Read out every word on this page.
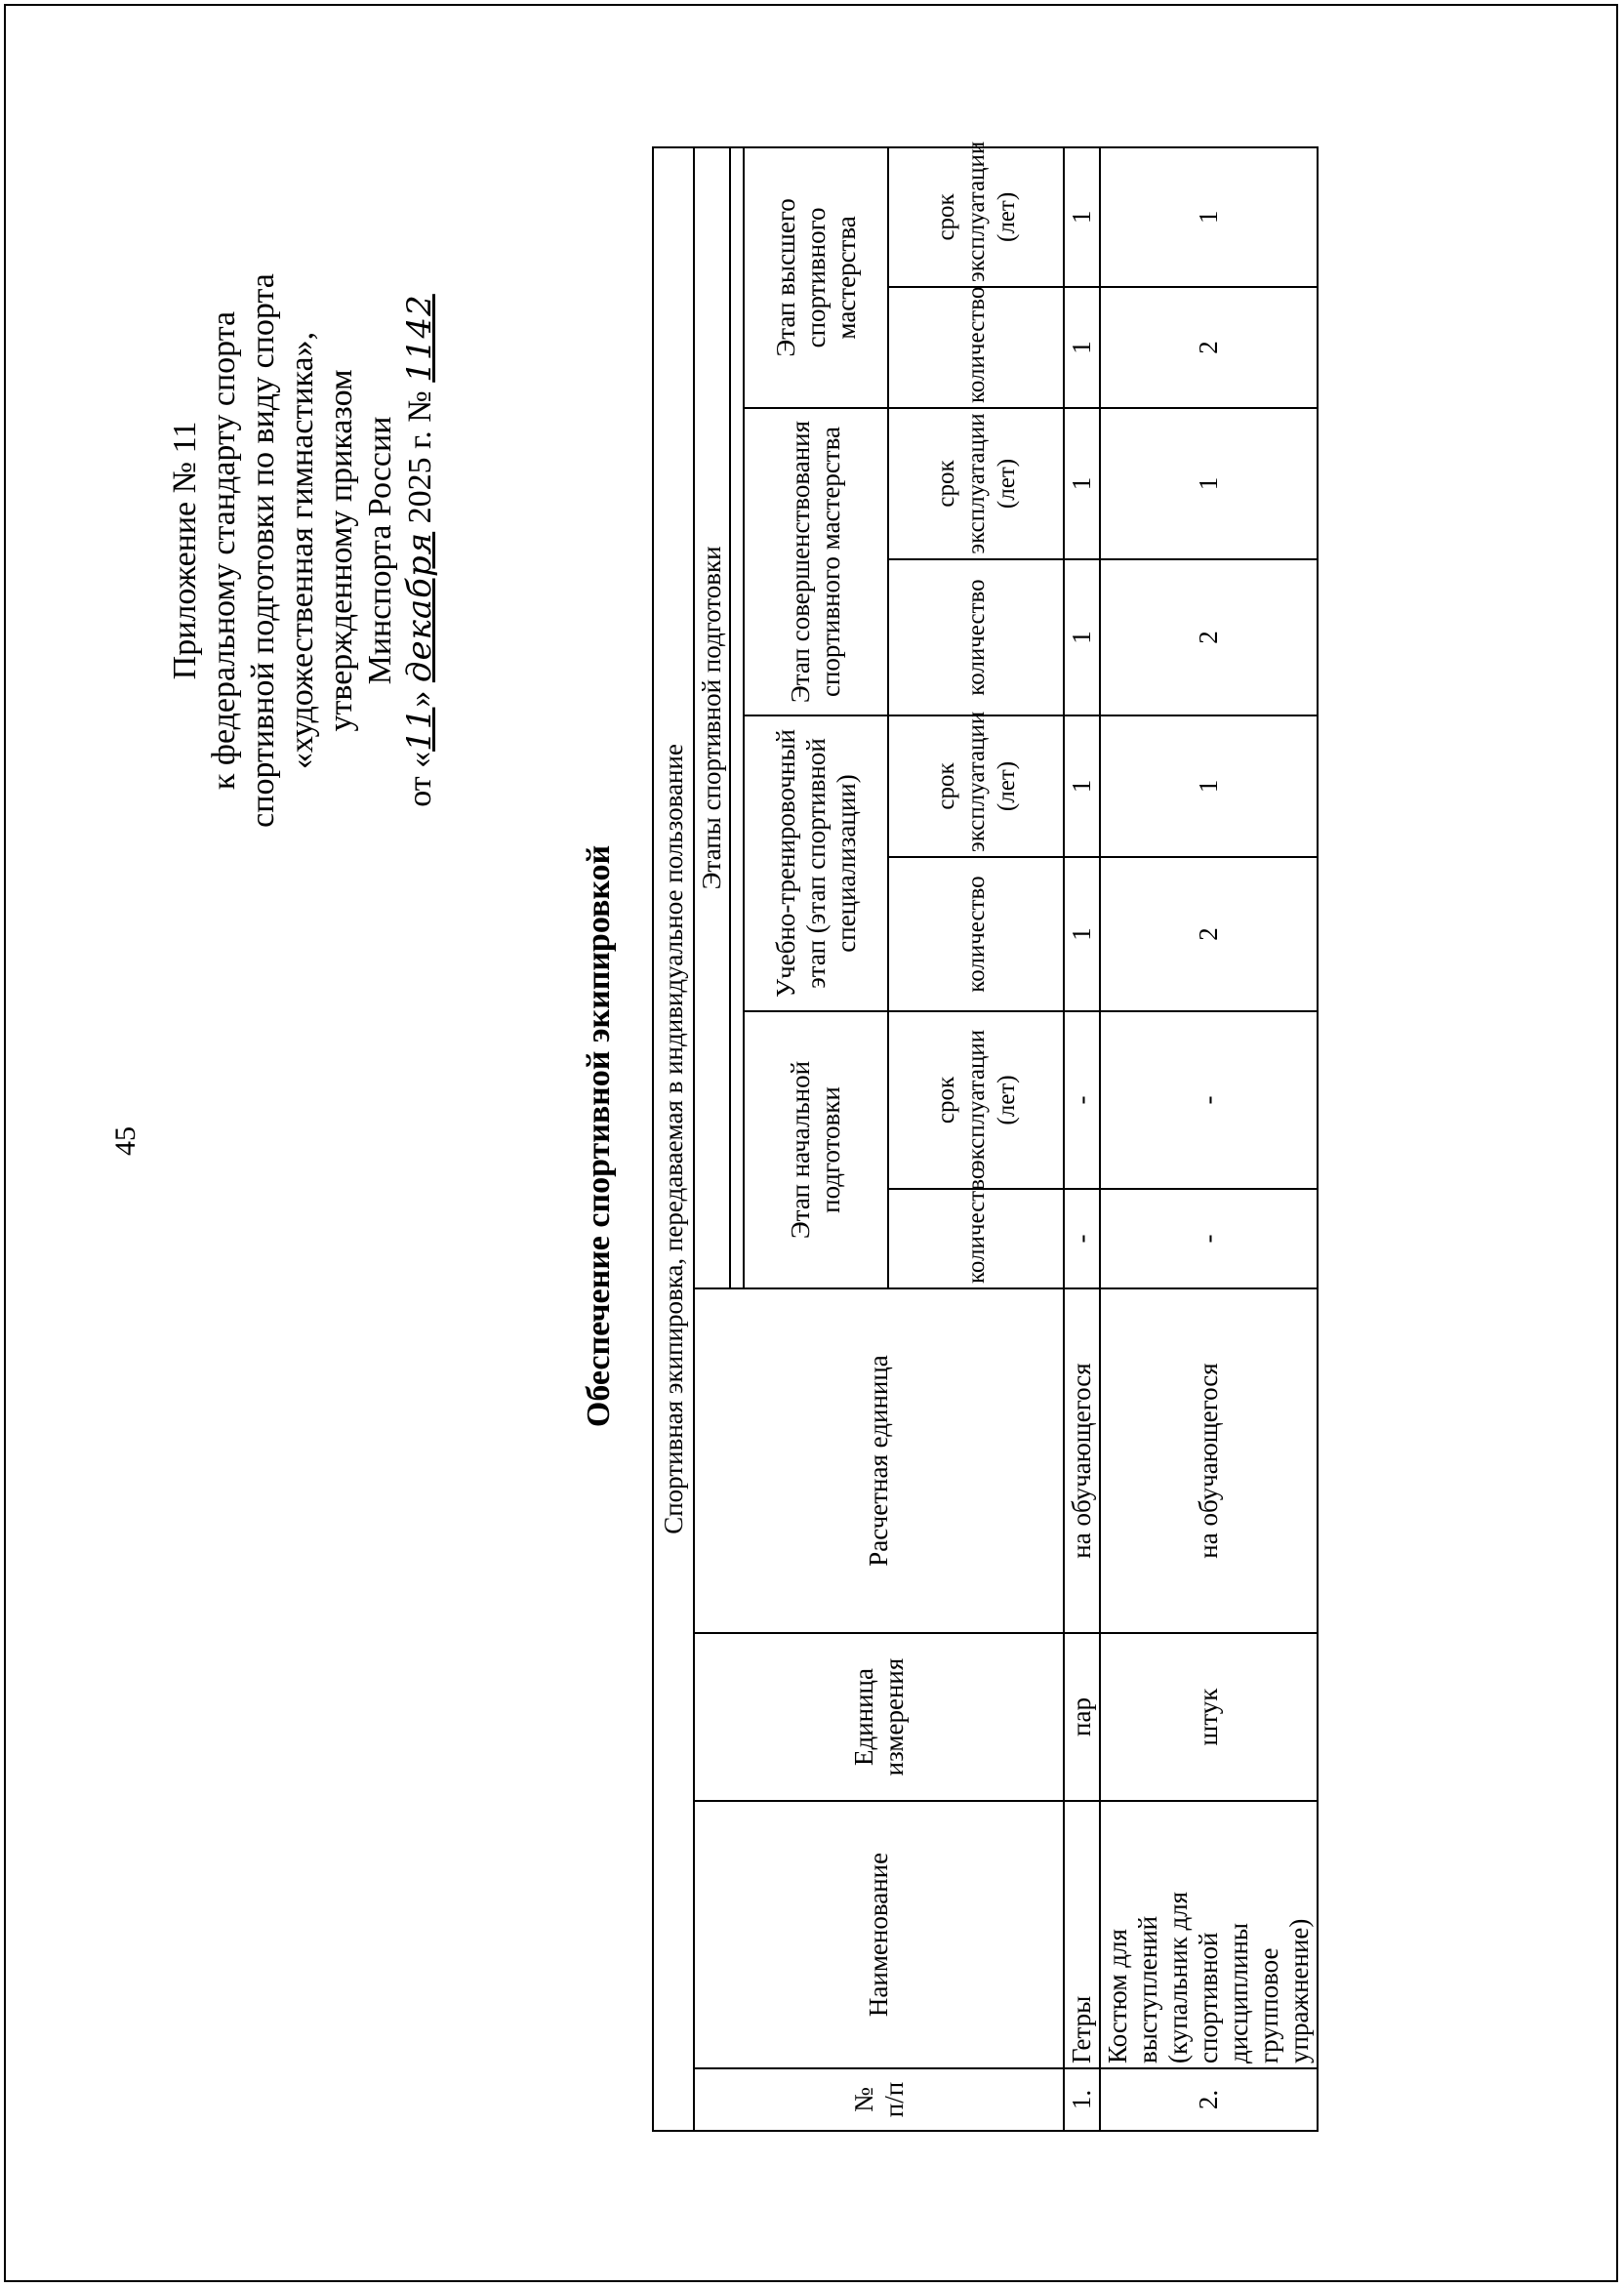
45
Приложение № 11 к федеральному стандарту спорта спортивной подготовки по виду спорта «художественная гимнастика», утвержденному приказом Минспорта России
от «11» декабря 2025 г. № 1142
Обеспечение спортивной экипировкой Спортивная экипировка, передаваемая в индивидуальное пользование											
№ п/п	Наименование	Единица измерения	Расчетная единица	Этапы спортивной подготовки							

				Этап начальной подготовки		Учебно-тренировочный этап (этап спортивной специализации)		Этап совершенствования спортивного мастерства		Этап высшего спортивного мастерства	
				количество	срок эксплуатации (лет)	количество	срок эксплуатации (лет)	количество	срок эксплуатации (лет)	количество	срок эксплуатации (лет)
1.	Гетры	пар	на обучающегося	-	-	1	1	1	1	1	1
2.	Костюм для выступлений (купальник для спортивной дисциплины групповое упражнение)	штук	на обучающегося	-	-	2	1	2	1	2	1
